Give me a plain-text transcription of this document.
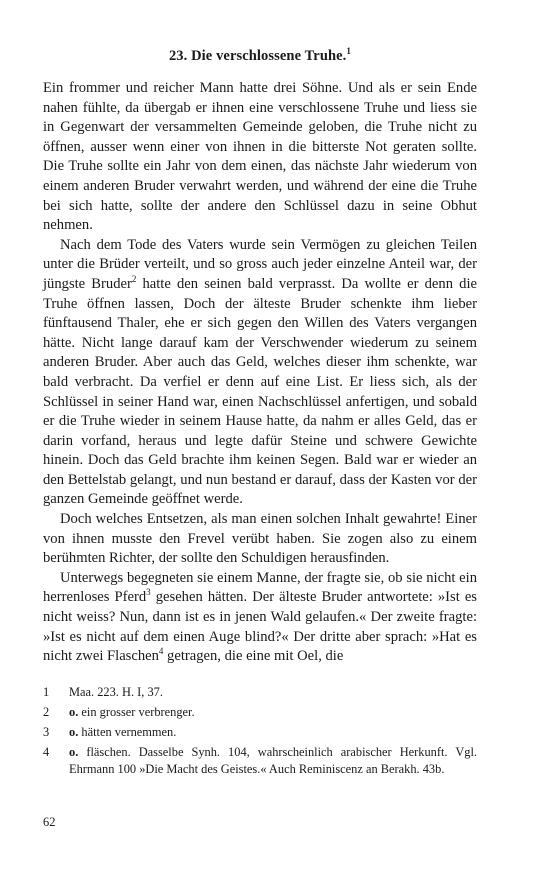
23. Die verschlossene Truhe.$^1$

Ein frommer und reicher Mann hatte drei Söhne. Und als er sein Ende nahen fühlte, da übergab er ihnen eine verschlossene Truhe und liess sie in Gegenwart der versammelten Gemeinde geloben, die Truhe nicht zu öffnen, ausser wenn einer von ihnen in die bitterste Not geraten sollte. Die Truhe sollte ein Jahr von dem einen, das nächste Jahr wiederum von einem anderen Bruder verwahrt werden, und während der eine die Truhe bei sich hatte, sollte der andere den Schlüssel dazu in seine Obhut nehmen.

Nach dem Tode des Vaters wurde sein Vermögen zu gleichen Teilen unter die Brüder verteilt, und so gross auch jeder einzelne Anteil war, der jüngste Bruder$^2$ hatte den seinen bald verprasst. Da wollte er denn die Truhe öffnen lassen, Doch der älteste Bruder schenkte ihm lieber fünftausend Thaler, ehe er sich gegen den Willen des Vaters vergangen hätte. Nicht lange darauf kam der Verschwender wiederum zu seinem anderen Bruder. Aber auch das Geld, welches dieser ihm schenkte, war bald verbracht. Da verfiel er denn auf eine List. Er liess sich, als der Schlüssel in seiner Hand war, einen Nachschlüssel anfertigen, und sobald er die Truhe wieder in seinem Hause hatte, da nahm er alles Geld, das er darin vorfand, heraus und legte dafür Steine und schwere Gewichte hinein. Doch das Geld brachte ihm keinen Segen. Bald war er wieder an den Bettelstab gelangt, und nun bestand er darauf, dass der Kasten vor der ganzen Gemeinde geöffnet werde.

Doch welches Entsetzen, als man einen solchen Inhalt gewahrte! Einer von ihnen musste den Frevel verübt haben. Sie zogen also zu einem berühmten Richter, der sollte den Schuldigen herausfinden.

Unterwegs begegneten sie einem Manne, der fragte sie, ob sie nicht ein herrenloses Pferd$^3$ gesehen hätten. Der älteste Bruder antwortete: »Ist es nicht weiss? Nun, dann ist es in jenen Wald gelaufen.« Der zweite fragte: »Ist es nicht auf dem einen Auge blind?« Der dritte aber sprach: »Hat es nicht zwei Flaschen$^4$ getragen, die eine mit Oel, die

1	Maa. 223. H. I, 37.
2	o. ein grosser verbrenger.
3	o. hätten vernemmen.
4	o. fläschen. Dasselbe Synh. 104, wahrscheinlich arabischer Herkunft. Vgl. Ehrmann 100 »Die Macht des Geistes.« Auch Reminiscenz an Berakh. 43b.
62
